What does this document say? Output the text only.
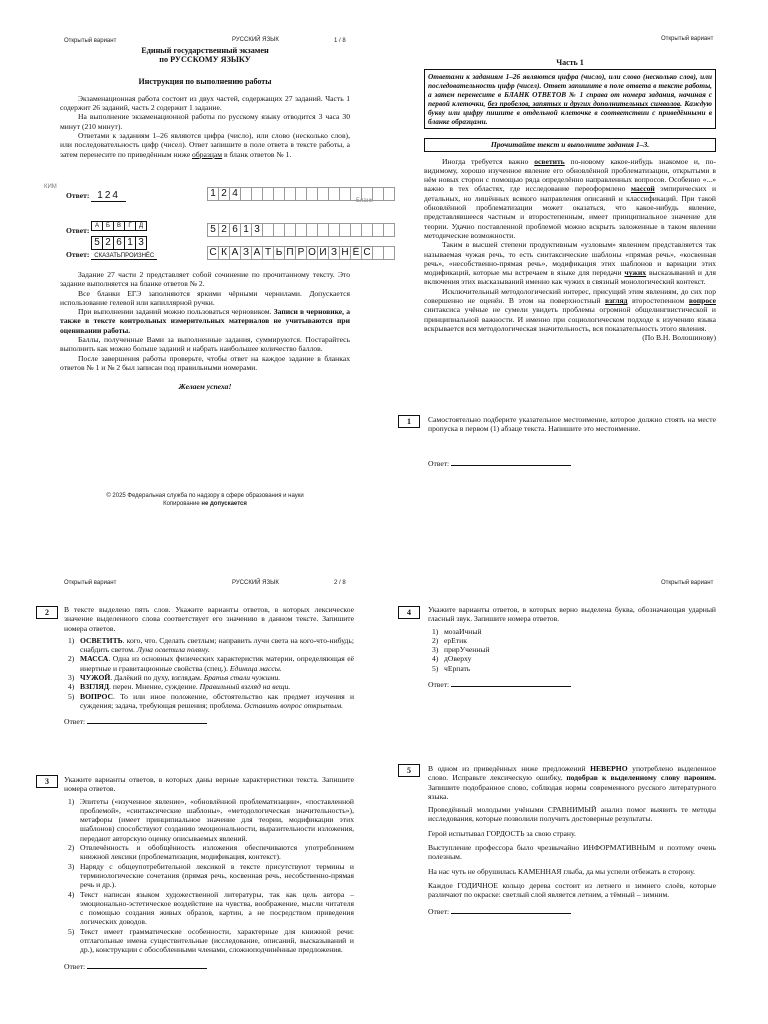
Открытый вариант	РУССКИЙ ЯЗЫК	1 / 8	Открытый вариант

Единый государственный экзамен

по РУССКОМУ ЯЗЫКУ

Инструкция по выполнению работы

Экзаменационная работа состоит из двух частей, содержащих 27 заданий. Часть 1 содержит 26 заданий, часть 2 содержит 1 задание.

На выполнение экзаменационной работы по русскому языку отводится 3 часа 30 минут (210 минут).

Ответами к заданиям 1–26 являются цифра (число), или слово (несколько слов), или последовательность цифр (чисел). Ответ запишите в поле ответа в тексте работы, а затем перенесите по приведённым ниже образцам в бланк ответов № 1.

КИМ
Бланк
Ответ: 124	1 2 4
Ответ: А	Б	В	Г	Д

5 2 6 1 3
5 2 6 1 3
Ответ: СКАЗАТЬПРОИЗНЁС	С К А З А Т Ь П Р О И З Н Ё С

Задание 27 части 2 представляет собой сочинение по прочитанному тексту. Это задание выполняется на бланке ответов № 2.

Все бланки ЕГЭ заполняются яркими чёрными чернилами. Допускается использование гелевой или капиллярной ручки.

При выполнении заданий можно пользоваться черновиком. Записи в черновике, а также в тексте контрольных измерительных материалов не учитываются при оценивании работы.

Баллы, полученные Вами за выполненные задания, суммируются. Постарайтесь выполнить как можно больше заданий и набрать наибольшее количество баллов.

После завершения работы проверьте, чтобы ответ на каждое задание в бланках ответов № 1 и № 2 был записан под правильными номерами.

Желаем успеха!

© 2025 Федеральная служба по надзору в сфере образования и науки
Копирование не допускается

Часть 1

Ответами к заданиям 1–26 являются цифра (число), или слово (несколько слов), или последовательность цифр (чисел). Ответ запишите в поле ответа в тексте работы, а затем перенесите в БЛАНК ОТВЕТОВ № 1 справа от номера задания, начиная с первой клеточки, без пробелов, запятых и других дополнительных символов. Каждую букву или цифру пишите в отдельной клеточке в соответствии с приведёнными в бланке образцами.
Прочитайте текст и выполните задания 1–3.

Иногда требуется важно осветить по-новому какое-нибудь знакомое и, по-видимому, хорошо изученное явление его обновлённой проблематизации, открытыми в нём новых сторон с помощью ряда определённо направленных вопросов. Особенно «...» важно в тех областях, где исследование переоформлено массой эмпирических и детальных, но лишённых всякого направления описаний и классификаций. При такой обновлённой проблематизации может оказаться, что какое-нибудь явление, представлявшееся частным и второстепенным, имеет принципиальное значение для теории. Удачно поставленной проблемой можно вскрыть заложенные в таком явлении методические возможности.

Таким в высшей степени продуктивным «узловым» явлением представляется так называемая чужая речь, то есть синтаксические шаблоны «прямая речь», «косвенная речь», «несобственно-прямая речь», модификация этих шаблонов и вариации этих модификаций, которые мы встречаем в языке для передачи чужих высказываний и для включения этих высказываний именно как чужих в связный монологический контекст.

Исключительный методологический интерес, присущий этим явлениям, до сих пор совершенно не оценён. В этом на поверхностный взгляд второстепенном вопросе синтаксиса учёные не сумели увидеть проблемы огромной общелингвистической и принципиальной важности. И именно при социологическом подходе к изучению языка вскрывается вся методологическая значительность, вся показательность этого явления.

(По В.Н. Волошинову)

1	Самостоятельно подберите указательное местоимение, которое должно стоять на месте пропуска в первом (1) абзаце текста. Напишите это местоимение.
Ответ:
Открытый вариант	РУССКИЙ ЯЗЫК	2 / 8	Открытый вариант
2	В тексте выделено пять слов. Укажите варианты ответов, в которых лексическое значение выделенного слова соответствует его значению в данном тексте. Запишите номера ответов.

1) ОСВЕТИТЬ. кого, что. Сделать светлым; направить лучи света на кого-что-нибудь; снабдить светом. Луна осветила поляну.
2) МАССА. Одна из основных физических характеристик материи, определяющая её инертные и гравитационные свойства (спец.). Единица массы.
3) ЧУЖОЙ. Далёкий по духу, взглядам. Братья стали чужими.
4) ВЗГЛЯД. перен. Мнение, суждение. Правильный взгляд на вещи.
5) ВОПРОС. То или иное положение, обстоятельство как предмет изучения и суждения; задача, требующая решения; проблема. Оставить вопрос открытым.

Ответ:

3	Укажите варианты ответов, в которых даны верные характеристики текста. Запишите номера ответов.

1) Эпитеты («изученное явление», «обновлённой проблематизации», «поставленной проблемой», «синтаксические шаблоны», «методологическая значительность»), метафоры (имеет принципиальное значение для теории, модификации этих шаблонов) способствуют созданию эмоциональности, выразительности изложения, передают авторскую оценку описываемых явлений.
2) Отвлечённость и обобщённость изложения обеспечиваются употреблением книжной лексики (проблематизация, модификация, контекст).
3) Наряду с общеупотребительной лексикой в тексте присутствуют термины и терминологические сочетания (прямая речь, косвенная речь, несобственно-прямая речь и др.).
4) Текст написан языком художественной литературы, так как цель автора – эмоционально-эстетическое воздействие на чувства, воображение, мысли читателя с помощью создания живых образов, картин, а не посредством приведения логических доводов.
5) Текст имеет грамматические особенности, характерные для книжной речи: отглагольные имена существительные (исследование, описаний, высказываний и др.), конструкции с обособленными членами, сложноподчинённые предложения.

Ответ:

4	Укажите варианты ответов, в которых верно выделена буква, обозначающая ударный гласный звук. Запишите номера ответов.

1) мозаИчный
2) ерЕтик
3) прирУченный
4) дОверху
5) чЕрпать

Ответ:

5	В одном из приведённых ниже предложений НЕВЕРНО употреблено выделенное слово. Исправьте лексическую ошибку, подобрав к выделенному слову пароним. Запишите подобранное слово, соблюдая нормы современного русского литературного языка.

Проведённый молодыми учёными СРАВНИМЫЙ анализ помог выявить те методы исследования, которые позволили получить достоверные результаты.

Герой испытывал ГОРДОСТЬ за свою страну.

Выступление профессора было чрезвычайно ИНФОРМАТИВНЫМ и поэтому очень полезным.

На нас чуть не обрушилась КАМЕННАЯ глыба, да мы успели отбежать в сторону.

Каждое ГОДИЧНОЕ кольцо дерева состоит из летнего и зимнего слоёв, которые различают по окраске: светлый слой является летним, а тёмный – зимним.

Ответ:
